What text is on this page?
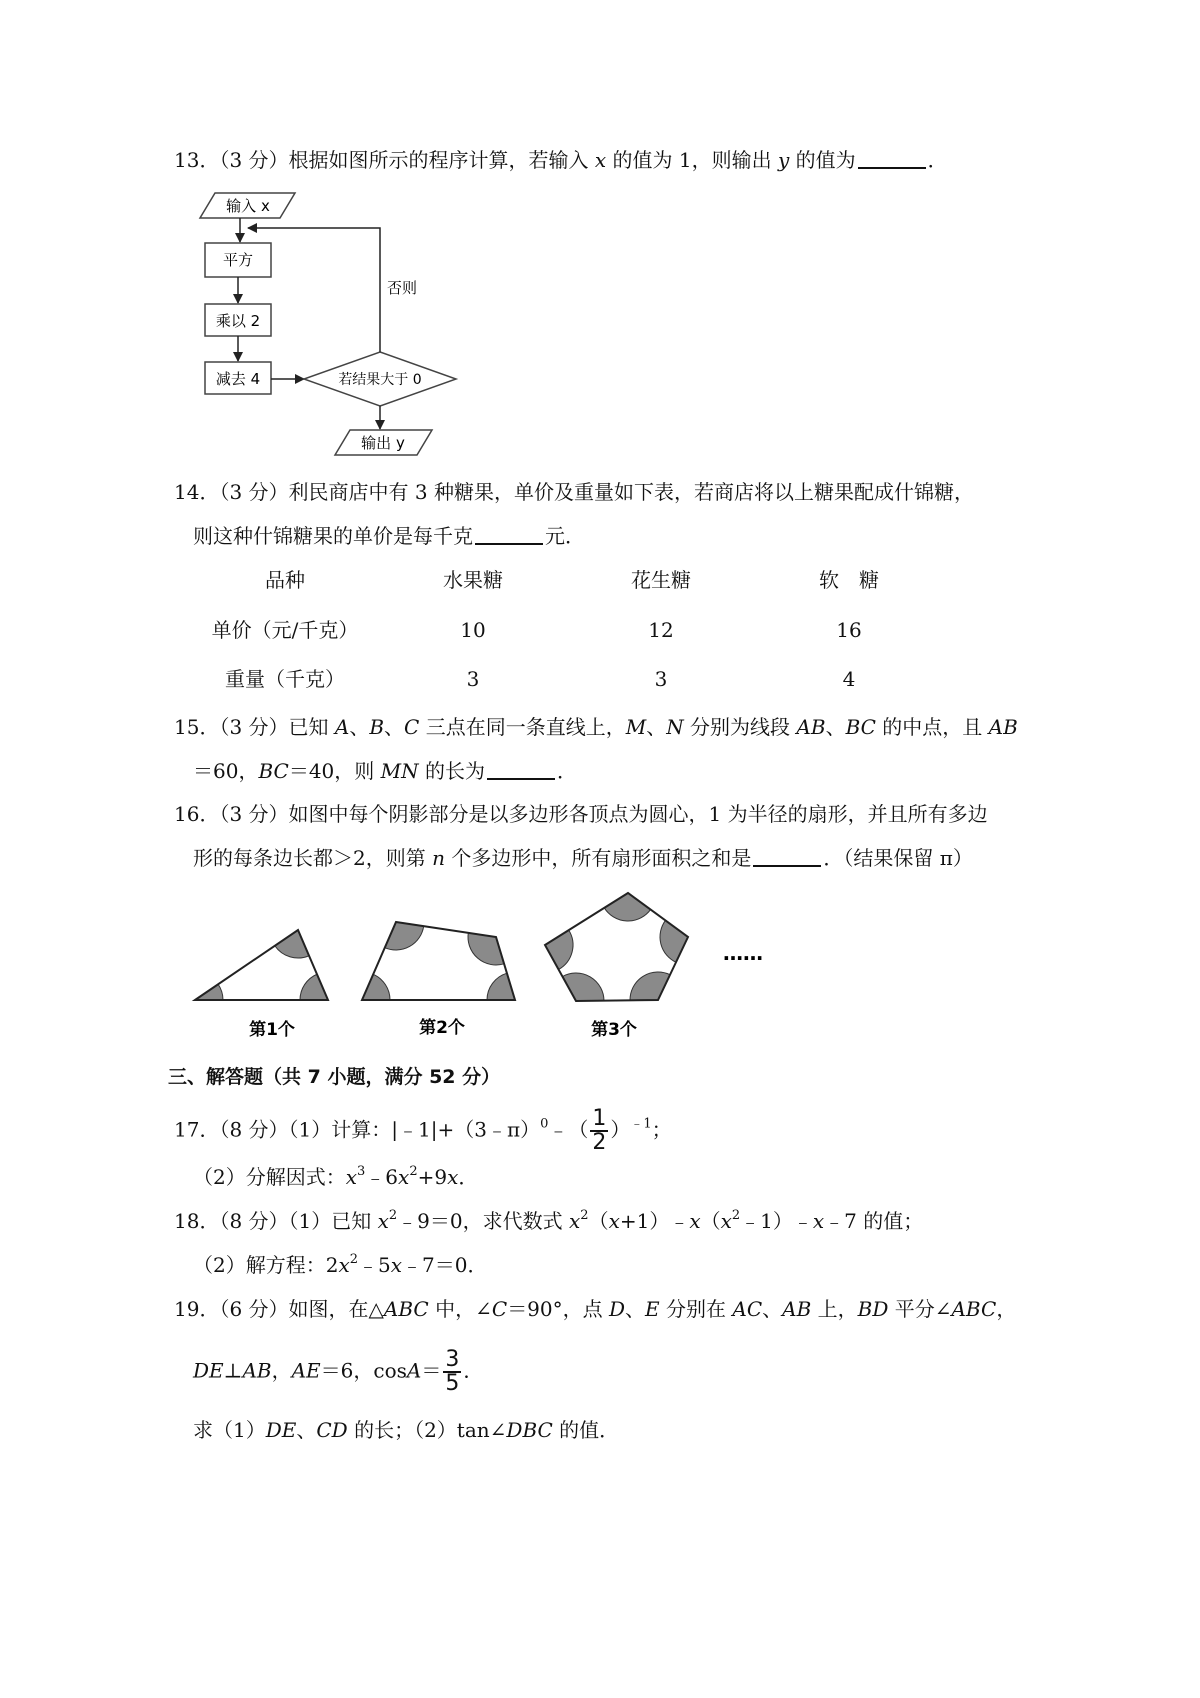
13．（3 分）根据如图所示的程序计算，若输入 x 的值为 1，则输出 y 的值为	．
输入 x
平方
乘以 2
减去 4	若结果大于 0
否则
输出 y
14．（3 分）利民商店中有 3 种糖果，单价及重量如下表，若商店将以上糖果配成什锦糖，
则这种什锦糖果的单价是每千克	元．
品种	水果糖	花生糖	软　糖
单价（元/千克）	10	12	16
重量（千克）	3	3	4
15．（3 分）已知 A、B、C 三点在同一条直线上，M、N 分别为线段 AB、BC 的中点，且 AB
＝60，BC＝40，则 MN 的长为	．
16．（3 分）如图中每个阴影部分是以多边形各顶点为圆心，1 为半径的扇形，并且所有多边
形的每条边长都＞2，则第 n 个多边形中，所有扇形面积之和是	．（结果保留 π）
……
第1个	第2个	第3个
三、解答题（共 7 小题，满分 52 分）
17．（8 分）（1）计算：|﹣1|+（3﹣π）$^0$﹣（ $\frac{1}{2} )^{﹣1}$；
（2）分解因式：$x^3﹣6x^2+9x$．
18．（8 分）（1）已知 $x^2﹣9=0$，求代数式 $x^2(x+1)﹣x(x^2﹣1)﹣x﹣7$ 的值；
（2）解方程：$2x^2﹣5x﹣7=0$．
19．（6 分）如图，在△ABC 中，∠C＝90°，点 D、E 分别在 AC、AB 上，BD 平分∠ABC，
DE⊥AB，AE＝6，$\cos A= \frac{3}{5}$ ．
求（1）DE、CD 的长；（2）tan∠DBC 的值．
